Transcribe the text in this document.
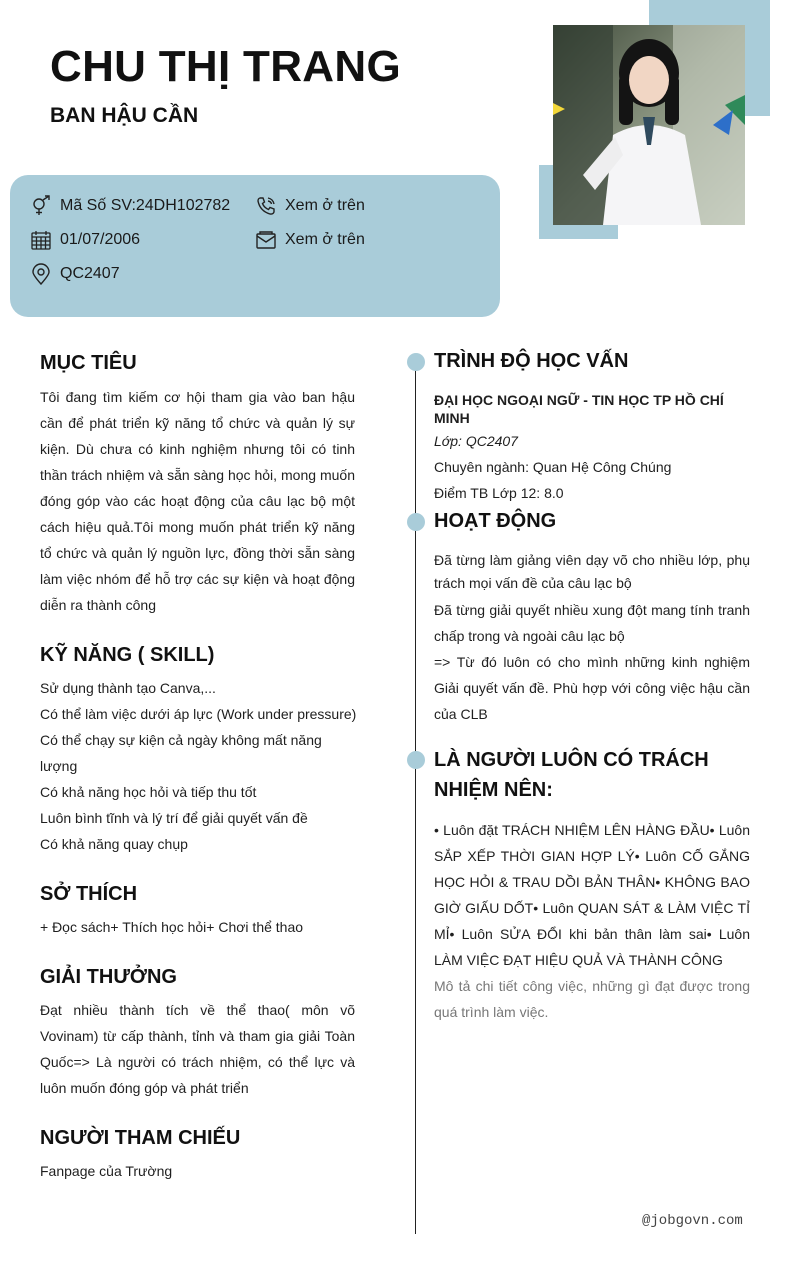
CHU THỊ TRANG
BAN HẬU CẦN
Mã Số SV:24DH102782	Xem ở trên
01/07/2006	Xem ở trên
QC2407
MỤC TIÊU
Tôi đang tìm kiếm cơ hội tham gia vào ban hậu cần để phát triển kỹ năng tổ chức và quản lý sự kiện. Dù chưa có kinh nghiệm nhưng tôi có tinh thần trách nhiệm và sẵn sàng học hỏi, mong muốn đóng góp vào các hoạt động của câu lạc bộ một cách hiệu quả.Tôi mong muốn phát triển kỹ năng tổ chức và quản lý nguồn lực, đồng thời sẵn sàng làm việc nhóm để hỗ trợ các sự kiện và hoạt động diễn ra thành công
KỸ NĂNG ( SKILL)
Sử dụng thành tạo Canva,...
Có thể làm việc dưới áp lực (Work under pressure)
Có thể chạy sự kiện cả ngày không mất năng lượng
Có khả năng học hỏi và tiếp thu tốt
Luôn bình tĩnh và lý trí để giải quyết vấn đề
Có khả năng quay chụp
SỞ THÍCH
+ Đọc sách+ Thích học hỏi+ Chơi thể thao
GIẢI THƯỞNG
Đạt nhiều thành tích về thể thao( môn võ Vovinam) từ cấp thành, tỉnh và tham gia giải Toàn Quốc=> Là người có trách nhiệm, có thể lực và luôn muốn đóng góp và phát triển
NGƯỜI THAM CHIẾU
Fanpage của Trường
TRÌNH ĐỘ HỌC VẤN
ĐẠI HỌC NGOẠI NGỮ - TIN HỌC TP HỒ CHÍ MINH
Lớp: QC2407
Chuyên ngành: Quan Hệ Công Chúng
Điểm TB Lớp 12: 8.0
HOẠT ĐỘNG
Đã từng làm giảng viên dạy võ cho nhiều lớp, phụ trách mọi vấn đề của câu lạc bộ
Đã từng giải quyết nhiều xung đột mang tính tranh chấp trong và ngoài câu lạc bộ
=> Từ đó luôn có cho mình những kinh nghiệm Giải quyết vấn đề. Phù hợp với công việc hậu cần của CLB
LÀ NGƯỜI LUÔN CÓ TRÁCH NHIỆM NÊN:
• Luôn đặt TRÁCH NHIỆM LÊN HÀNG ĐẦU• Luôn SẮP XẾP THỜI GIAN HỢP LÝ• Luôn CỐ GẮNG HỌC HỎI & TRAU DỒI BẢN THÂN• KHÔNG BAO GIỜ GIẤU DỐT• Luôn QUAN SÁT & LÀM VIỆC TỈ MỈ• Luôn SỬA ĐỔI khi bản thân làm sai• Luôn LÀM VIỆC ĐẠT HIỆU QUẢ VÀ THÀNH CÔNG
Mô tả chi tiết công việc, những gì đạt được trong quá trình làm việc.
@jobgovn.com
